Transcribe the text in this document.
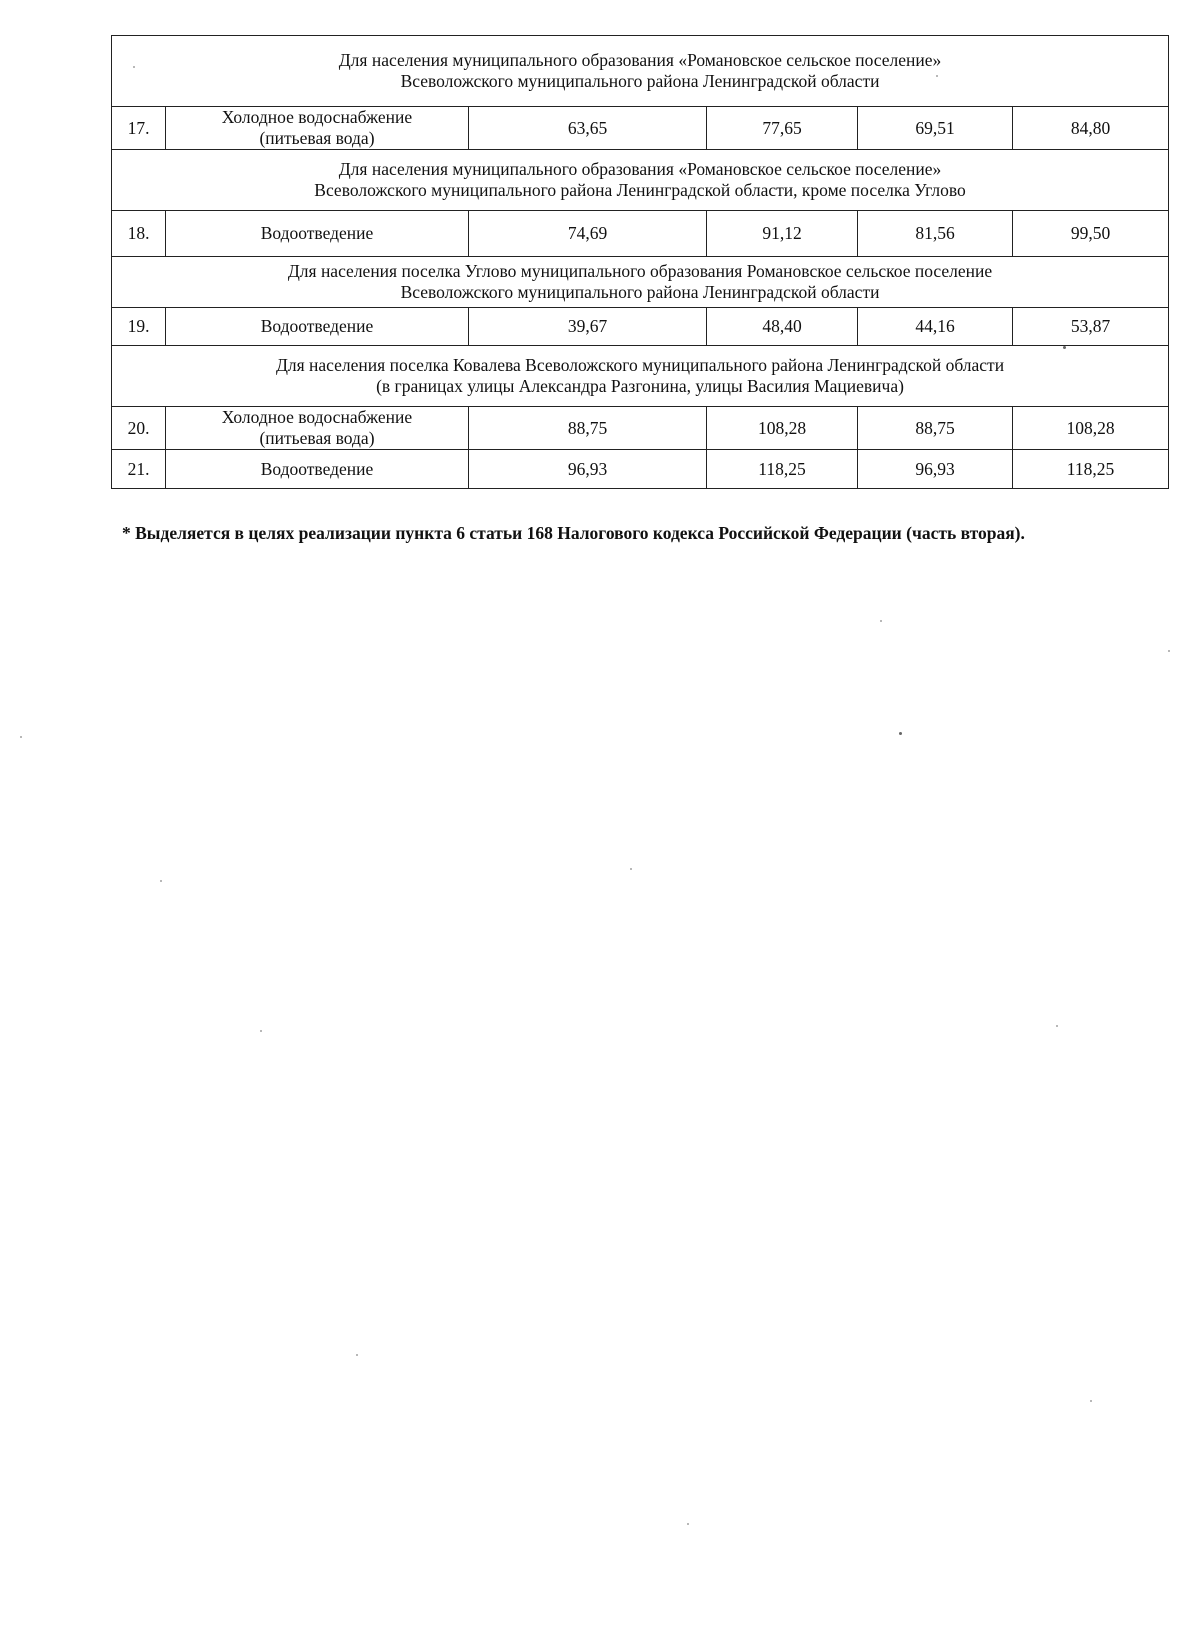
Для населения муниципального образования «Романовское сельское поселение»
Всеволожского муниципального района Ленинградской области					

17.	Холодное водоснабжение
(питьевая вода)	63,65	77,65	69,51	84,80

Для населения муниципального образования «Романовское сельское поселение»
Всеволожского муниципального района Ленинградской области, кроме поселка Углово					

18.	Водоотведение	74,69	91,12	81,56	99,50

Для населения поселка Углово муниципального образования Романовское сельское поселение
Всеволожского муниципального района Ленинградской области					

19.	Водоотведение	39,67	48,40	44,16	53,87

Для населения поселка Ковалева Всеволожского муниципального района Ленинградской области
(в границах улицы Александра Разгонина, улицы Василия Мациевича)					

20.	Холодное водоснабжение
(питьевая вода)	88,75	108,28	88,75	108,28
21.	Водоотведение	96,93	118,25	96,93	118,25
* Выделяется в целях реализации пункта 6 статьи 168 Налогового кодекса Российской Федерации (часть вторая).
